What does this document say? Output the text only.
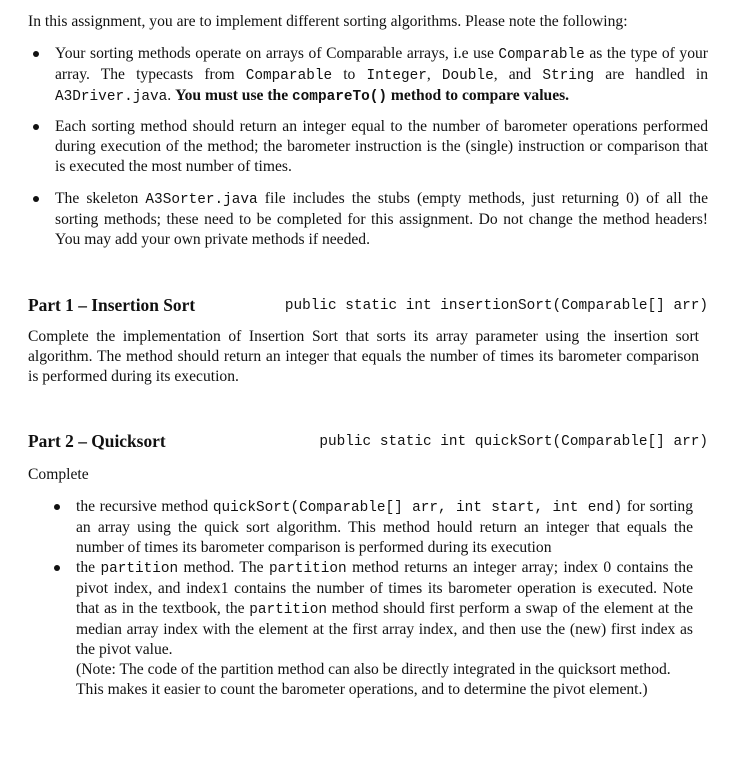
In this assignment, you are to implement different sorting algorithms. Please note the following:
Your sorting methods operate on arrays of Comparable arrays, i.e use Comparable as the type of your array. The typecasts from Comparable to Integer, Double, and String are handled in A3Driver.java. You must use the compareTo() method to compare values.
Each sorting method should return an integer equal to the number of barometer operations performed during execution of the method; the barometer instruction is the (single) instruction or comparison that is executed the most number of times.
The skeleton A3Sorter.java file includes the stubs (empty methods, just returning 0) of all the sorting methods; these need to be completed for this assignment. Do not change the method headers! You may add your own private methods if needed.
Part 1 – Insertion Sort	public static int insertionSort(Comparable[] arr)
Complete the implementation of Insertion Sort that sorts its array parameter using the insertion sort algorithm. The method should return an integer that equals the number of times its barometer comparison is performed during its execution.
Part 2 – Quicksort	public static int quickSort(Comparable[] arr)
Complete
the recursive method quickSort(Comparable[] arr, int start, int end) for sorting an array using the quick sort algorithm. This method hould return an integer that equals the number of times its barometer comparison is performed during its execution
the partition method. The partition method returns an integer array; index 0 contains the pivot index, and index1 contains the number of times its barometer operation is executed. Note that as in the textbook, the partition method should first perform a swap of the element at the median array index with the element at the first array index, and then use the (new) first index as the pivot value.
(Note: The code of the partition method can also be directly integrated in the quicksort method. This makes it easier to count the barometer operations, and to determine the pivot element.)
